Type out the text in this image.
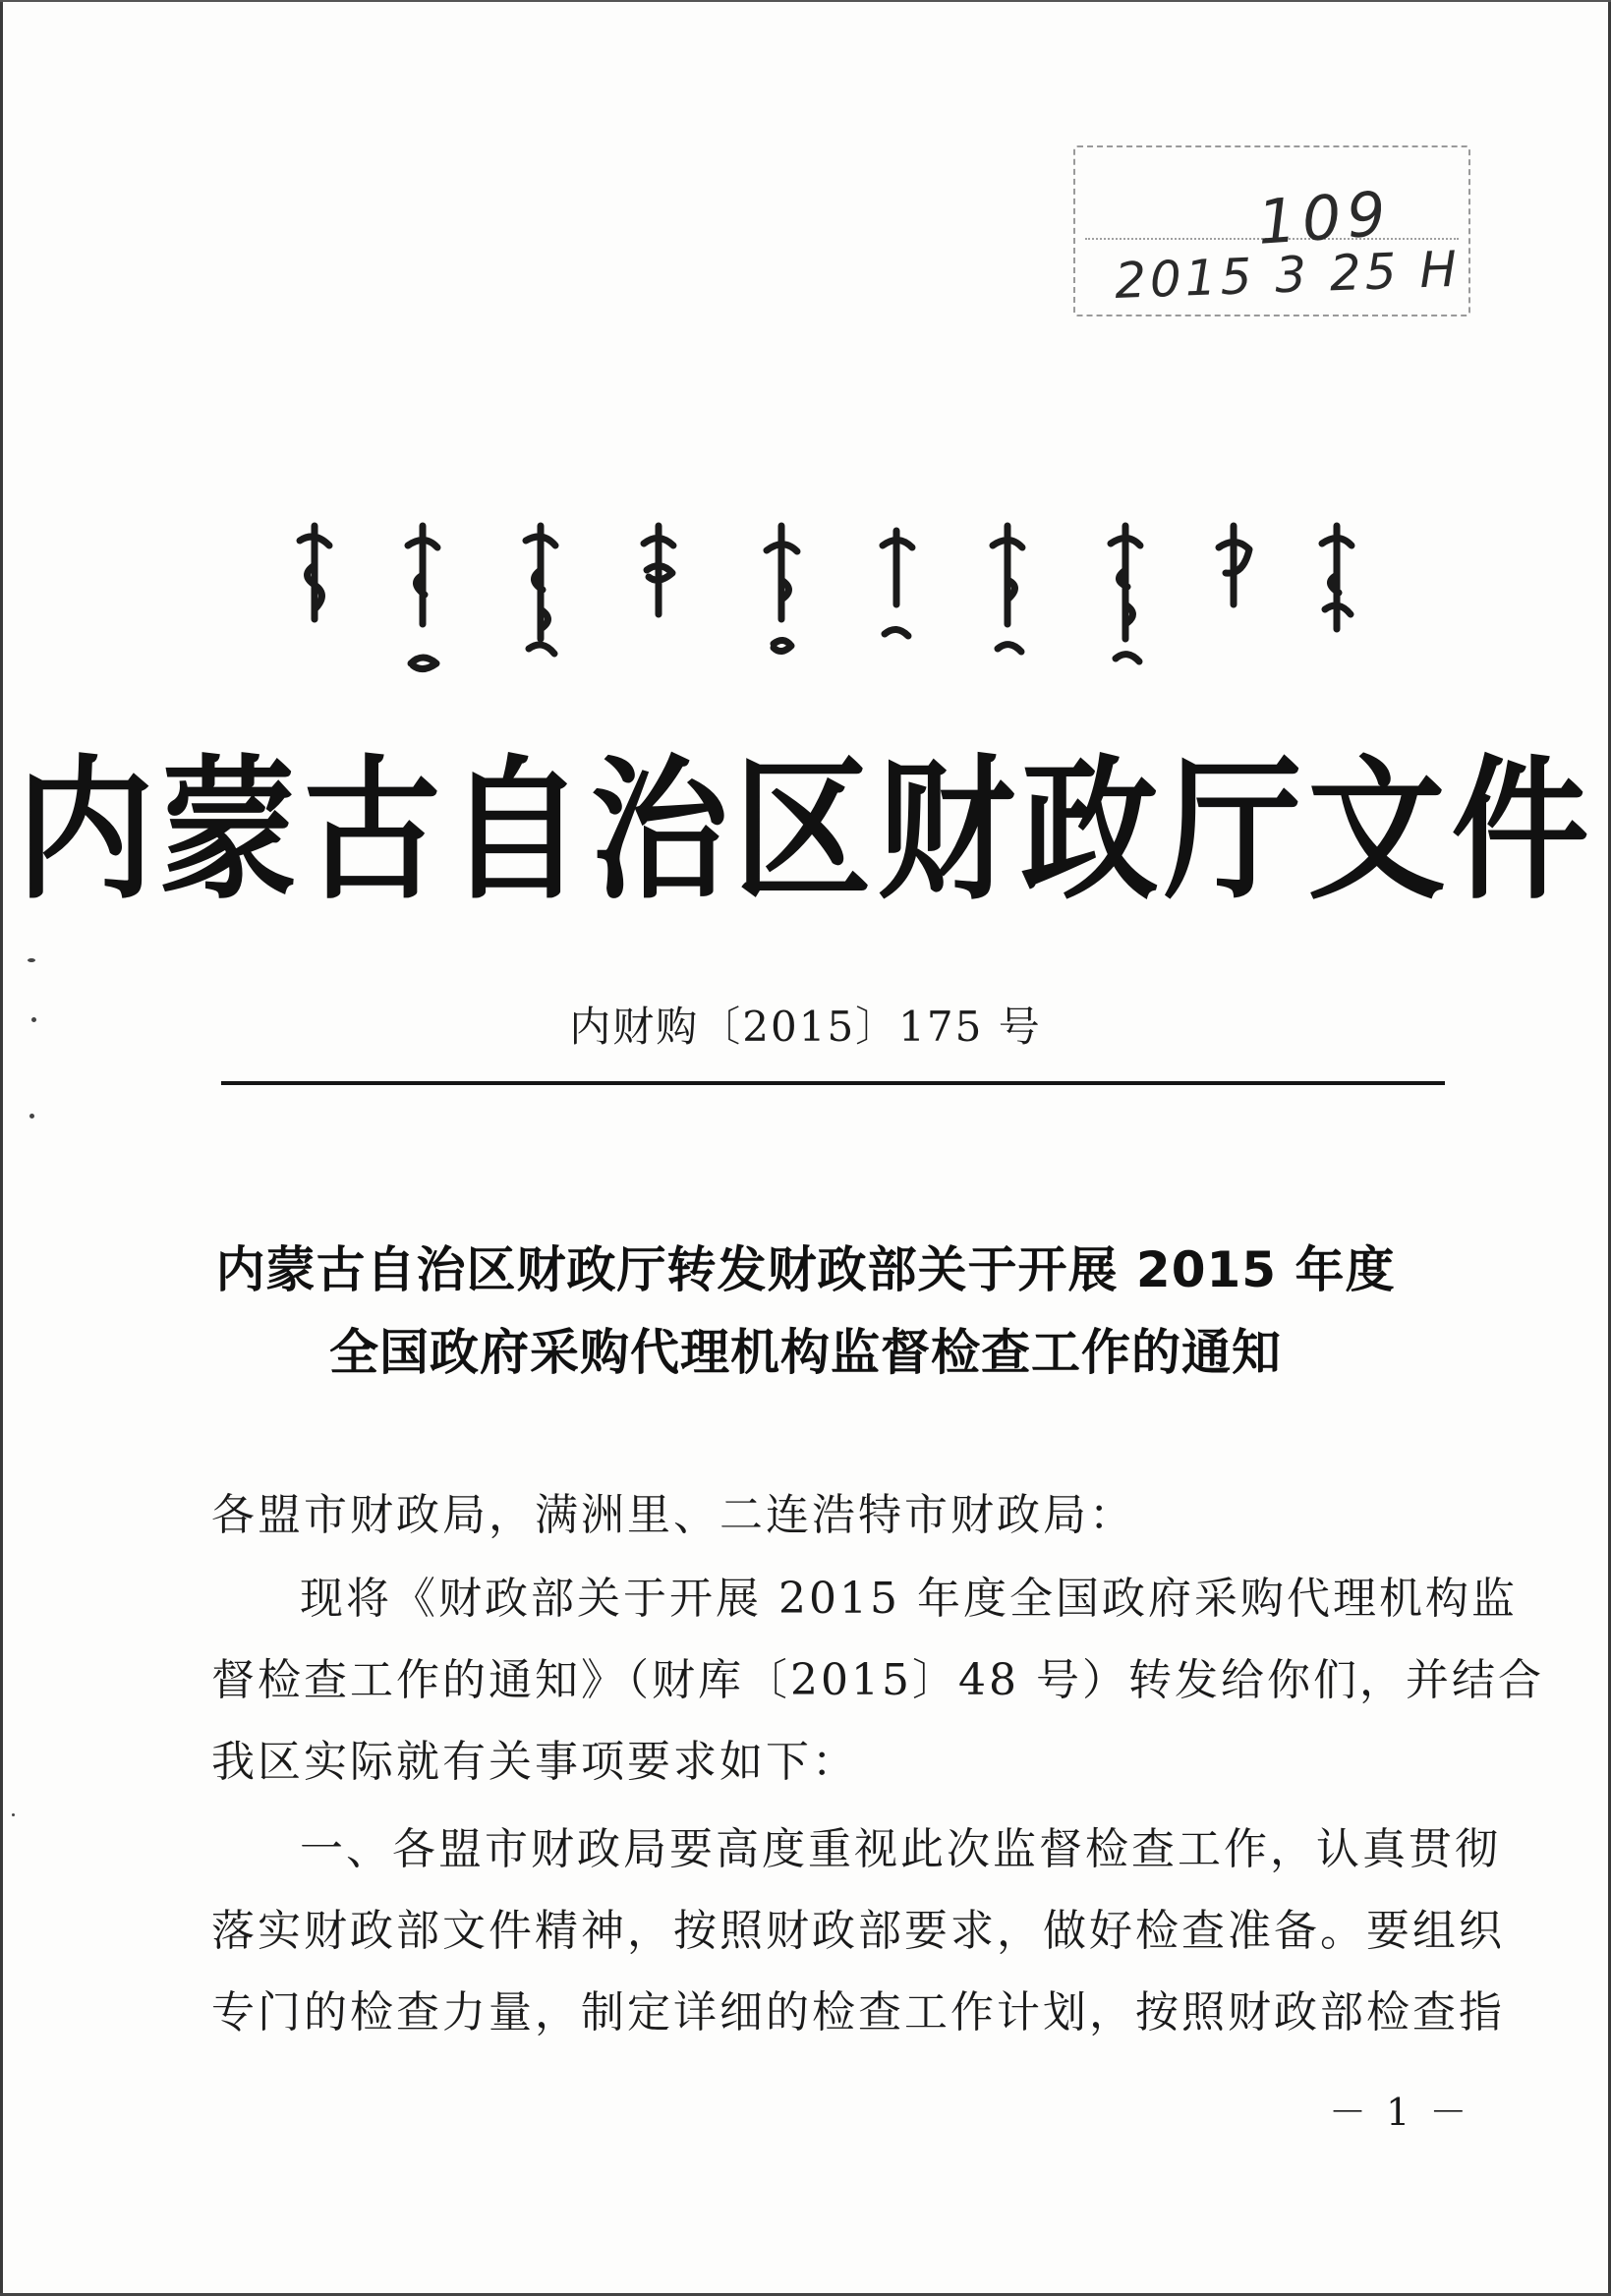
109
2015 3 25 H
内蒙古自治区财政厅文件
内财购〔2015〕175 号
内蒙古自治区财政厅转发财政部关于开展 2015 年度
全国政府采购代理机构监督检查工作的通知
各盟市财政局，满洲里、二连浩特市财政局：
现将《财政部关于开展 2015 年度全国政府采购代理机构监
督检查工作的通知》（财库〔2015〕48 号）转发给你们，并结合
我区实际就有关事项要求如下：
一、各盟市财政局要高度重视此次监督检查工作，认真贯彻
落实财政部文件精神，按照财政部要求，做好检查准备。要组织
专门的检查力量，制定详细的检查工作计划，按照财政部检查指
－ 1 －
